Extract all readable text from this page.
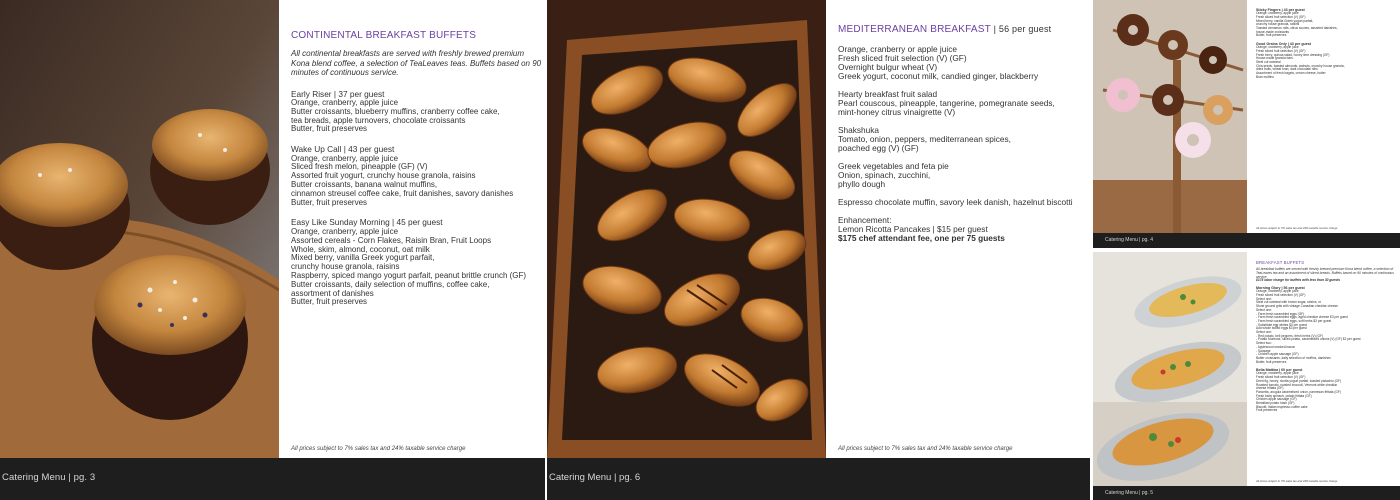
CONTINENTAL BREAKFAST BUFFETS
All continental breakfasts are served with freshly brewed premium Kona blend coffee, a selection of TeaLeaves teas. Buffets based on 90 minutes of continuous service.
Early Riser | 37 per guest
Orange, cranberry, apple juice
Butter croissants, blueberry muffins, cranberry coffee cake,
tea breads, apple turnovers, chocolate croissants
Butter, fruit preserves
Wake Up Call | 43 per guest
Orange, cranberry, apple juice
Sliced fresh melon, pineapple (GF) (V)
Assorted fruit yogurt, crunchy house granola, raisins
Butter croissants, banana walnut muffins,
cinnamon streusel coffee cake, fruit danishes, savory danishes
Butter, fruit preserves
Easy Like Sunday Morning | 45 per guest
Orange, cranberry, apple juice
Assorted cereals - Corn Flakes, Raisin Bran, Fruit Loops
Whole, skim, almond, coconut, oat milk
Mixed berry, vanilla Greek yogurt parfait,
crunchy house granola, raisins
Raspberry, spiced mango yogurt parfait, peanut brittle crunch (GF)
Butter croissants, daily selection of muffins, coffee cake,
assortment of danishes
Butter, fruit preserves
All prices subject to 7% sales tax and 24% taxable service charge
Catering Menu | pg. 3
MEDITERRANEAN BREAKFAST | 56 per guest
Orange, cranberry or apple juice
Fresh sliced fruit selection (V) (GF)
Overnight bulgur wheat (V)
Greek yogurt, coconut milk, candied ginger, blackberry
Hearty breakfast fruit salad
Pearl couscous, pineapple, tangerine, pomegranate seeds,
mint-honey citrus vinaigrette (V)
Shakshuka
Tomato, onion, peppers, mediterranean spices,
poached egg (V) (GF)
Greek vegetables and feta pie
Onion, spinach, zucchini,
phyllo dough
Espresso chocolate muffin, savory leek danish, hazelnut biscotti
Enhancement:
Lemon Ricotta Pancakes | $15 per guest
$175 chef attendant fee, one per 75 guests
All prices subject to 7% sales tax and 24% taxable service charge
Catering Menu | pg. 6
Sticky Fingers | 43 per guest
Orange, cranberry, apple juice
Fresh sliced fruit selection (V) (GF)
Mixed berry, vanilla Greek yogurt parfait,
crunchy house granola, raisins
Toasted cinnamon rolls, citrus scones, assorted danishes,
house-made croissants
Butter, fruit preserves
Good Grains Only | 43 per guest
Orange, cranberry, apple juice
Fresh sliced fruit selection (V) (GF)
Fresh berry, quinoa salad, honey lime dressing (GF)
House-made granola bars
Steel cut oatmeal
Chia seeds, toasted almonds, walnuts, crunchy house granola,
dried fruits, wheat bran, dark chocolate nibs
Assortment of fresh bagels, cream cheese, butter
Bran muffins
All prices subject to 7% sales tax and 24% taxable service charge
Catering Menu | pg. 4
BREAKFAST BUFFETS
All breakfast buffets are served with freshly brewed premium Kona blend coffee, a selection of TeaLeaves tea and an assortment of sliced breads. Buffets based on 90 minutes of continuous service.
$175 labor charge for buffets with less than 30 guests
Morning Glory | 56 per guest
Orange, cranberry, apple juice
Fresh sliced fruit selection (V) (GF)
Select one:
Steel cut oatmeal with brown sugar, raisins, or
Stone ground grits with vintage Canadian cheddar cheese
Select one:
- Farm fresh scrambled eggs (GF)
- Farm fresh scrambled eggs, aged cheddar cheese $3 per guest
- Farm fresh scrambled eggs, soft herbs $3 per guest
- Substitute egg whites $3 per guest
Add whole boiled eggs $3 per guest
Select one:
- Red potato, bell peppers, fresh herbs (V) (GF)
- Potato Moreuse, sliced potato, caramelized onions (V) (GF) $2 per guest
Select two:
- Applewood smoked bacon
- Sausage
- Chicken apple sausage (GF)
Butter croissants, daily selection of muffins, danishes
Butter, fruit preserves
Bella Mattina | 60 per guest
Orange, cranberry, apple juice
Fresh sliced fruit selection (V) (GF)
Dried fig, honey, ricotta yogurt parfait, toasted pistachio (GF)
Roasted tomato, roasted broccoli, Vermont white cheddar
cheese frittata (GF)
Pancetta, arugula caramelized onion, parmesan frittata (GF)
Fresh baby spinach, potato frittata (GF)
Chicken apple sausage (GF)
Breakfast potato hash (GF)
Biscotti, Italian espresso coffee cake
Fruit preserves
All prices subject to 7% sales tax and 24% taxable service charge
Catering Menu | pg. 5
